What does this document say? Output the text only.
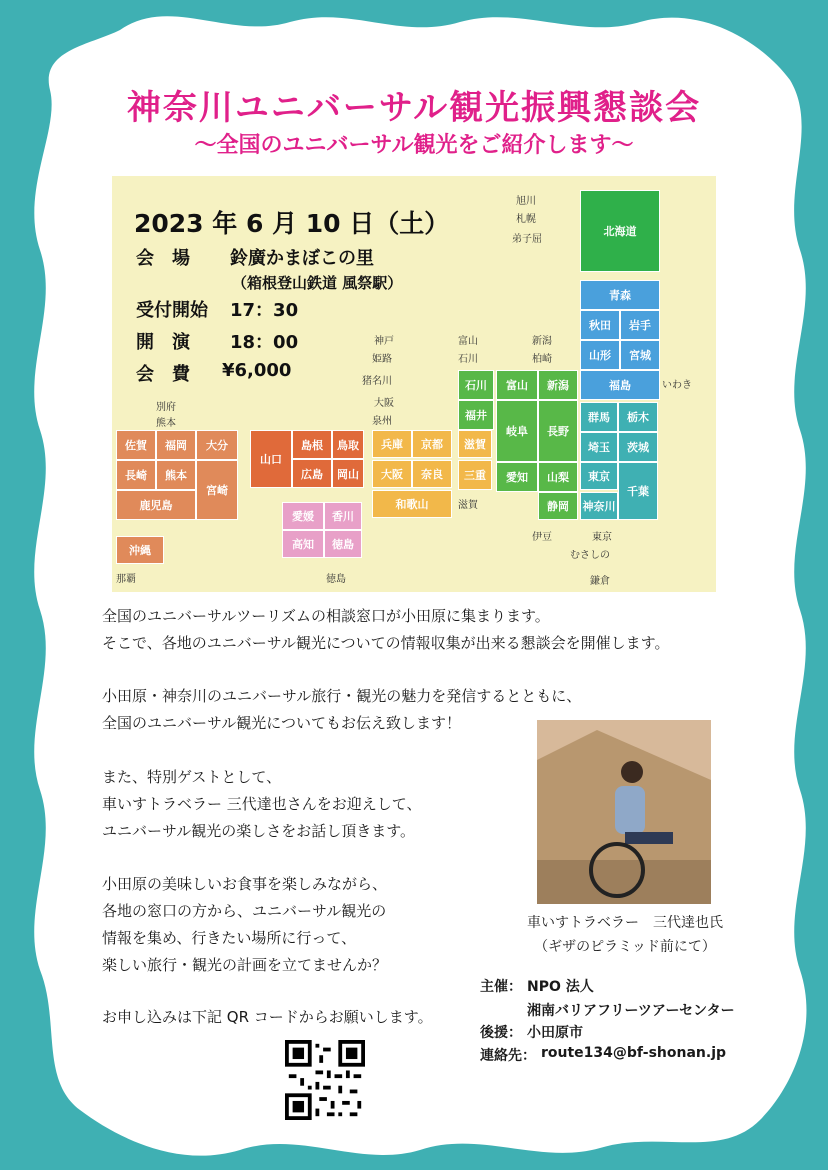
神奈川ユニバーサル観光振興懇談会
〜全国のユニバーサル観光をご紹介します〜
2023 年 6 月 10 日（土）
会　場 鈴廣かまぼこの里
（箱根登山鉄道 風祭駅）
受付開始 17：30
開　演 18：00
会　費 ¥6,000
佐賀	福岡	大分
長崎	熊本
宮崎
鹿児島
沖縄
山口
島根	鳥取
広島	岡山
愛媛	香川
高知	徳島
兵庫	京都
大阪	奈良
和歌山
滋賀
三重
石川	富山	新潟
福井
岐阜	長野
愛知	山梨
静岡
群馬	栃木
埼玉	茨城
東京
千葉
神奈川
青森
秋田	岩手
山形	宮城
福島
北海道
旭川
札幌
弟子屈
神戸
姫路
猪名川
大阪
泉州
富山
石川
新潟
柏崎
いわき
別府
熊本
滋賀
伊豆	東京
むさしの
鎌倉
那覇	徳島
全国のユニバーサルツーリズムの相談窓口が小田原に集まります。
そこで、各地のユニバーサル観光についての情報収集が出来る懇談会を開催します。
小田原・神奈川のユニバーサル旅行・観光の魅力を発信するとともに、
全国のユニバーサル観光についてもお伝え致します！
また、特別ゲストとして、
車いすトラベラー 三代達也さんをお迎えして、
ユニバーサル観光の楽しさをお話し頂きます。
小田原の美味しいお食事を楽しみながら、
各地の窓口の方から、ユニバーサル観光の
情報を集め、行きたい場所に行って、
楽しい旅行・観光の計画を立てませんか？
お申し込みは下記 QR コードからお願いします。
車いすトラベラー　三代達也氏
（ギザのピラミッド前にて）
主催： NPO 法人
湘南バリアフリーツアーセンター
後援： 小田原市
連絡先： route134@bf-shonan.jp
